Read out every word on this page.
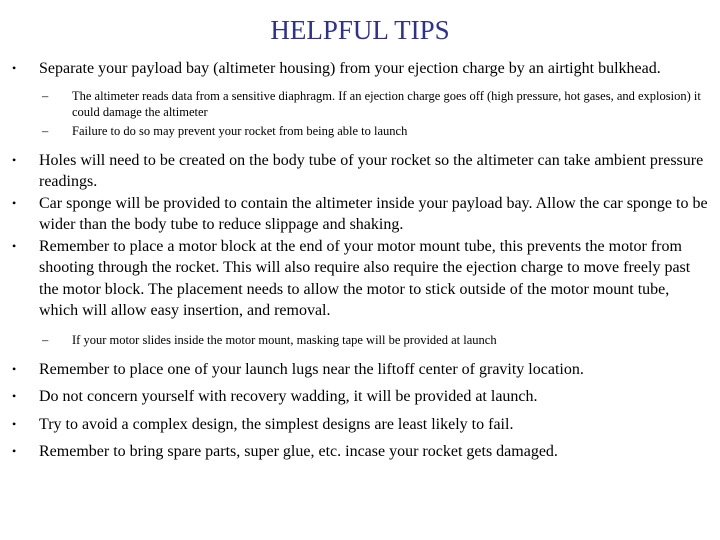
HELPFUL TIPS
• Separate your payload bay (altimeter housing) from your ejection charge by an airtight bulkhead.
– The altimeter reads data from a sensitive diaphragm. If an ejection charge goes off (high pressure, hot gases, and explosion) it could damage the altimeter
– Failure to do so may prevent your rocket from being able to launch
• Holes will need to be created on the body tube of your rocket so the altimeter can take ambient pressure readings.
• Car sponge will be provided to contain the altimeter inside your payload bay. Allow the car sponge to be wider than the body tube to reduce slippage and shaking.
• Remember to place a motor block at the end of your motor mount tube, this prevents the motor from shooting through the rocket. This will also require also require the ejection charge to move freely past the motor block. The placement needs to allow the motor to stick outside of the motor mount tube, which will allow easy insertion, and removal.
– If your motor slides inside the motor mount, masking tape will be provided at launch
• Remember to place one of your launch lugs near the liftoff center of gravity location.
• Do not concern yourself with recovery wadding, it will be provided at launch.
• Try to avoid a complex design, the simplest designs are least likely to fail.
• Remember to bring spare parts, super glue, etc. incase your rocket gets damaged.
